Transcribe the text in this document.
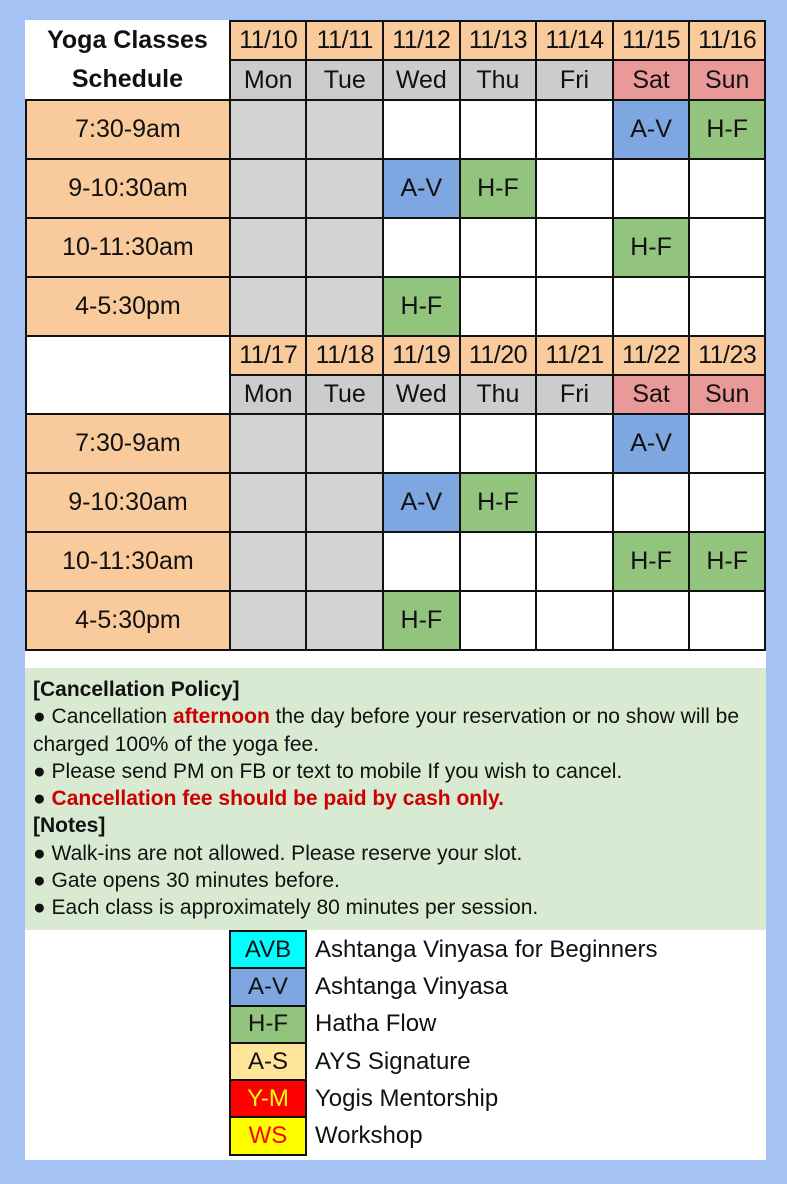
Yoga Classes	11/10	11/11	11/12	11/13	11/14	11/15	11/16
Schedule	Mon	Tue	Wed	Thu	Fri	Sat	Sun
7:30-9am						A-V	H-F
9-10:30am			A-V	H-F			
10-11:30am						H-F	
4-5:30pm			H-F				
	11/17	11/18	11/19	11/20	11/21	11/22	11/23
	Mon	Tue	Wed	Thu	Fri	Sat	Sun
7:30-9am						A-V	
9-10:30am			A-V	H-F			
10-11:30am						H-F	H-F
4-5:30pm			H-F				
[Cancellation Policy]
● Cancellation afternoon the day before your reservation or no show will be charged 100% of the yoga fee.
● Please send PM on FB or text to mobile If you wish to cancel.
● Cancellation fee should be paid by cash only.
[Notes]
● Walk-ins are not allowed. Please reserve your slot.
● Gate opens 30 minutes before.
● Each class is approximately 80 minutes per session.
AVB	Ashtanga Vinyasa for Beginners
A-V	Ashtanga Vinyasa
H-F	Hatha Flow
A-S	AYS Signature
Y-M	Yogis Mentorship
WS	Workshop
